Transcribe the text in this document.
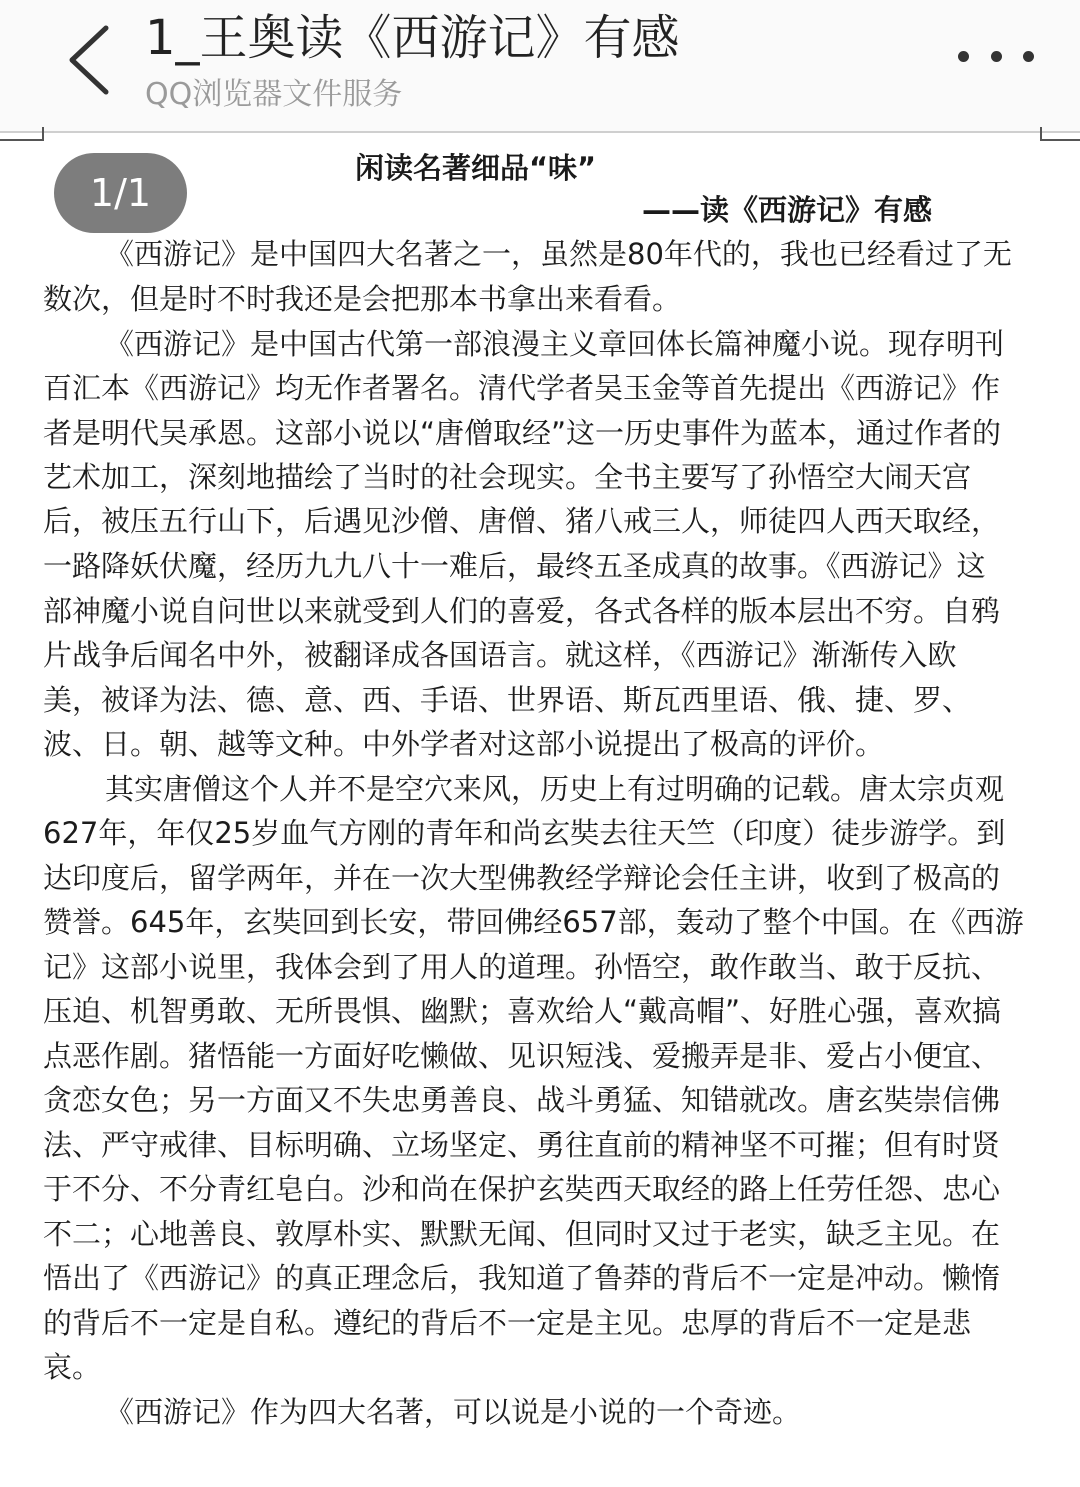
1_王奥读《西游记》有感
QQ浏览器文件服务
闲读名著细品“味”
——读《西游记》有感
《西游记》是中国四大名著之一，虽然是80年代的，我也已经看过了无
数次，但是时不时我还是会把那本书拿出来看看。
《西游记》是中国古代第一部浪漫主义章回体长篇神魔小说。现存明刊
百汇本《西游记》均无作者署名。清代学者吴玉金等首先提出《西游记》作
者是明代吴承恩。这部小说以“唐僧取经”这一历史事件为蓝本，通过作者的
艺术加工，深刻地描绘了当时的社会现实。全书主要写了孙悟空大闹天宫
后，被压五行山下，后遇见沙僧、唐僧、猪八戒三人，师徒四人西天取经，
一路降妖伏魔，经历九九八十一难后，最终五圣成真的故事。《西游记》这
部神魔小说自问世以来就受到人们的喜爱，各式各样的版本层出不穷。自鸦
片战争后闻名中外，被翻译成各国语言。就这样，《西游记》渐渐传入欧
美，被译为法、德、意、西、手语、世界语、斯瓦西里语、俄、捷、罗、
波、日。朝、越等文种。中外学者对这部小说提出了极高的评价。
其实唐僧这个人并不是空穴来风，历史上有过明确的记载。唐太宗贞观
627年，年仅25岁血气方刚的青年和尚玄奘去往天竺（印度）徒步游学。到
达印度后，留学两年，并在一次大型佛教经学辩论会任主讲，收到了极高的
赞誉。645年，玄奘回到长安，带回佛经657部，轰动了整个中国。在《西游
记》这部小说里，我体会到了用人的道理。孙悟空，敢作敢当、敢于反抗、
压迫、机智勇敢、无所畏惧、幽默；喜欢给人“戴高帽”、好胜心强，喜欢搞
点恶作剧。猪悟能一方面好吃懒做、见识短浅、爱搬弄是非、爱占小便宜、
贪恋女色；另一方面又不失忠勇善良、战斗勇猛、知错就改。唐玄奘崇信佛
法、严守戒律、目标明确、立场坚定、勇往直前的精神坚不可摧；但有时贤
于不分、不分青红皂白。沙和尚在保护玄奘西天取经的路上任劳任怨、忠心
不二；心地善良、敦厚朴实、默默无闻、但同时又过于老实，缺乏主见。在
悟出了《西游记》的真正理念后，我知道了鲁莽的背后不一定是冲动。懒惰
的背后不一定是自私。遵纪的背后不一定是主见。忠厚的背后不一定是悲
哀。
《西游记》作为四大名著，可以说是小说的一个奇迹。
1/1
